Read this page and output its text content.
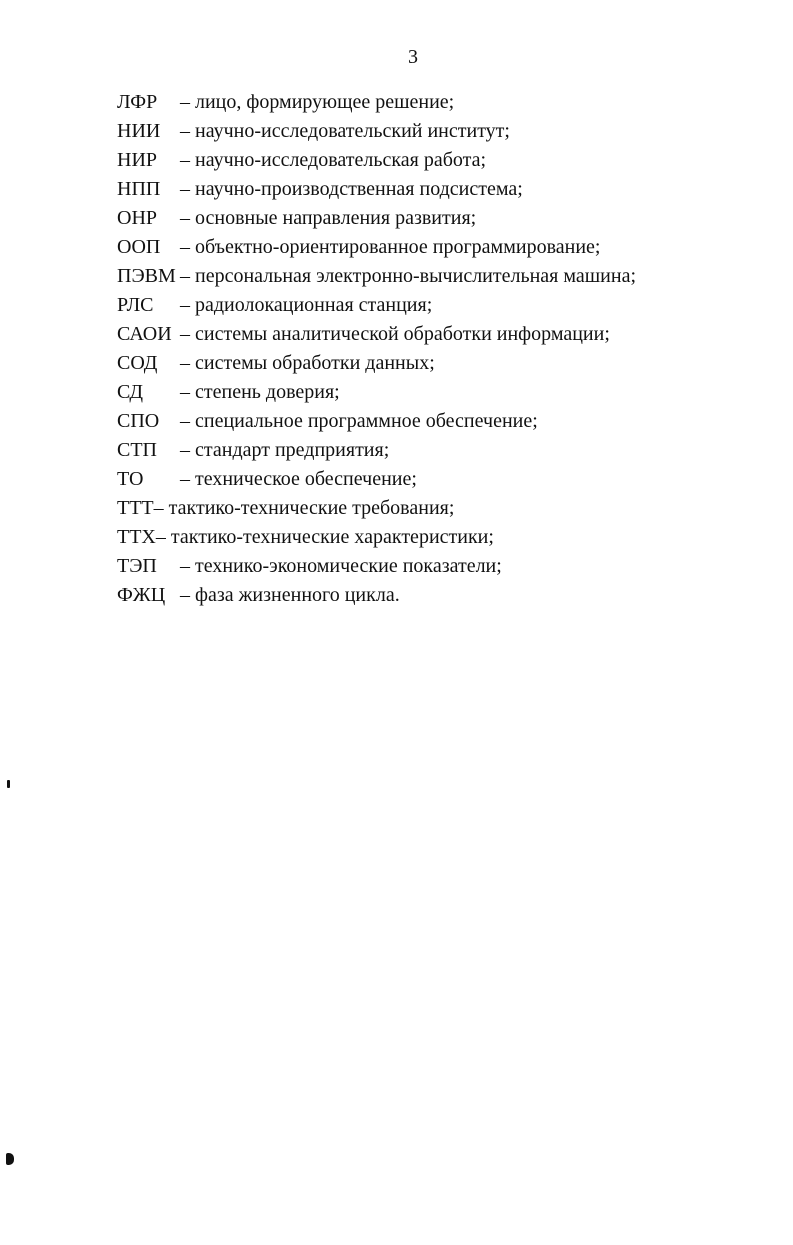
3
ЛФР – лицо, формирующее решение;
НИИ – научно-исследовательский институт;
НИР – научно-исследовательская работа;
НПП – научно-производственная подсистема;
ОНР – основные направления развития;
ООП – объектно-ориентированное программирование;
ПЭВМ – персональная электронно-вычислительная машина;
РЛС – радиолокационная станция;
САОИ – системы аналитической обработки информации;
СОД – системы обработки данных;
СД – степень доверия;
СПО – специальное программное обеспечение;
СТП – стандарт предприятия;
ТО – техническое обеспечение;
ТТТ– тактико-технические требования;
ТТХ– тактико-технические характеристики;
ТЭП – технико-экономические показатели;
ФЖЦ – фаза жизненного цикла.
